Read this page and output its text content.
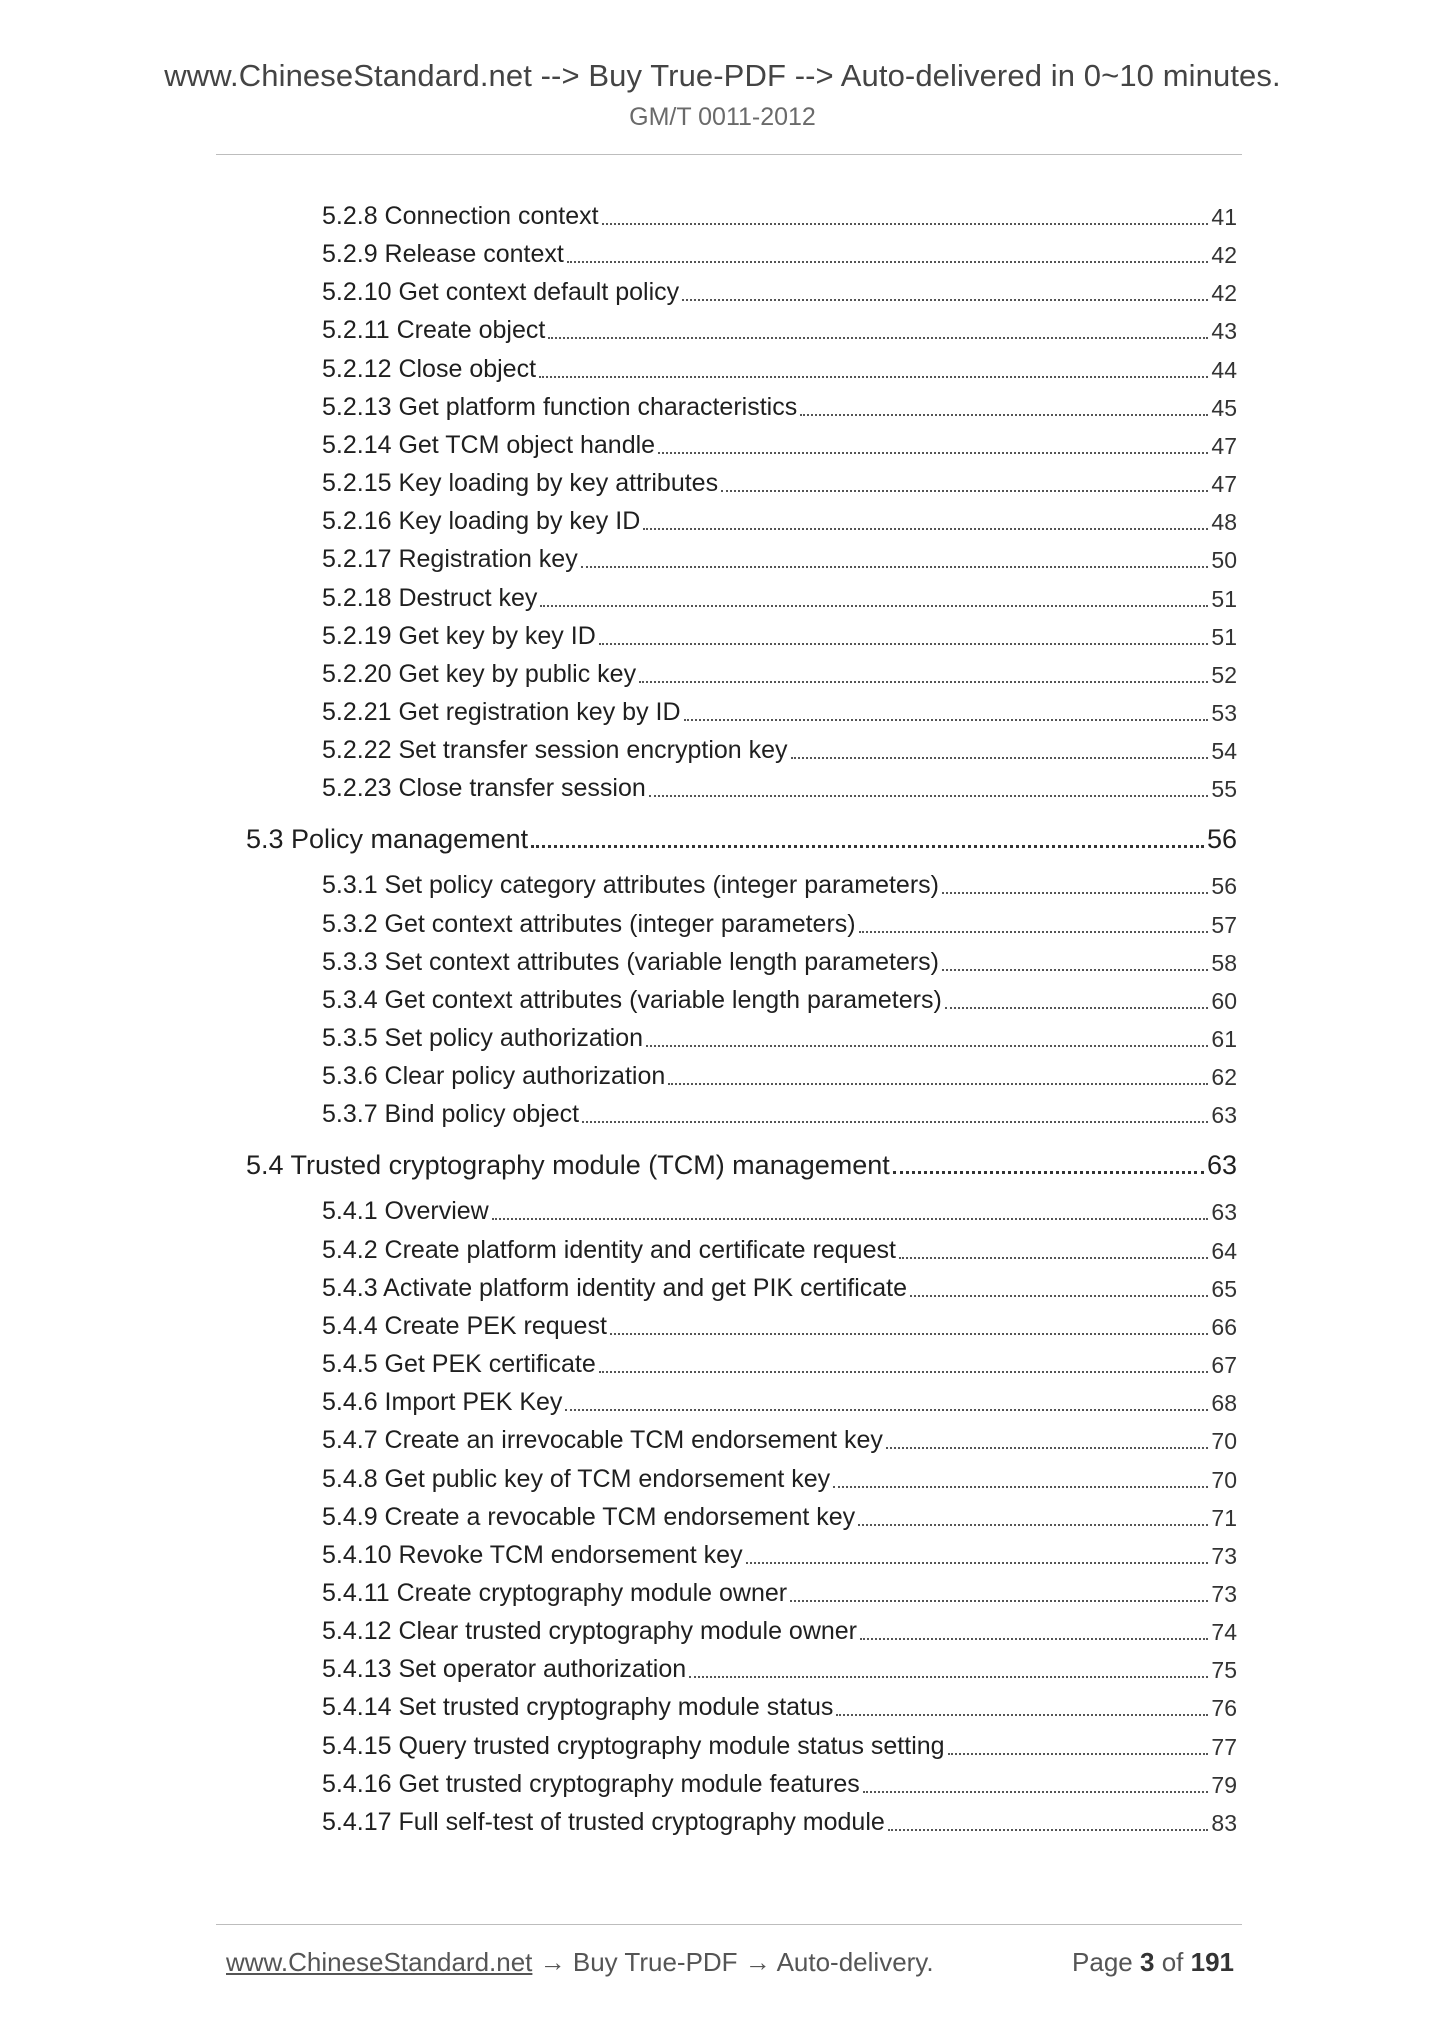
www.ChineseStandard.net --> Buy True-PDF --> Auto-delivered in 0~10 minutes.
GM/T 0011-2012
5.2.8 Connection context	41
5.2.9 Release context	42
5.2.10 Get context default policy	42
5.2.11 Create object	43
5.2.12 Close object	44
5.2.13 Get platform function characteristics	45
5.2.14 Get TCM object handle	47
5.2.15 Key loading by key attributes	47
5.2.16 Key loading by key ID	48
5.2.17 Registration key	50
5.2.18 Destruct key	51
5.2.19 Get key by key ID	51
5.2.20 Get key by public key	52
5.2.21 Get registration key by ID	53
5.2.22 Set transfer session encryption key	54
5.2.23 Close transfer session	55
5.3 Policy management	56
5.3.1 Set policy category attributes (integer parameters)	56
5.3.2 Get context attributes (integer parameters)	57
5.3.3 Set context attributes (variable length parameters)	58
5.3.4 Get context attributes (variable length parameters)	60
5.3.5 Set policy authorization	61
5.3.6 Clear policy authorization	62
5.3.7 Bind policy object	63
5.4 Trusted cryptography module (TCM) management	63
5.4.1 Overview	63
5.4.2 Create platform identity and certificate request	64
5.4.3 Activate platform identity and get PIK certificate	65
5.4.4 Create PEK request	66
5.4.5 Get PEK certificate	67
5.4.6 Import PEK Key	68
5.4.7 Create an irrevocable TCM endorsement key	70
5.4.8 Get public key of TCM endorsement key	70
5.4.9 Create a revocable TCM endorsement key	71
5.4.10 Revoke TCM endorsement key	73
5.4.11 Create cryptography module owner	73
5.4.12 Clear trusted cryptography module owner	74
5.4.13 Set operator authorization	75
5.4.14 Set trusted cryptography module status	76
5.4.15 Query trusted cryptography module status setting	77
5.4.16 Get trusted cryptography module features	79
5.4.17 Full self-test of trusted cryptography module	83
www.ChineseStandard.net → Buy True-PDF → Auto-delivery.	Page 3 of 191
